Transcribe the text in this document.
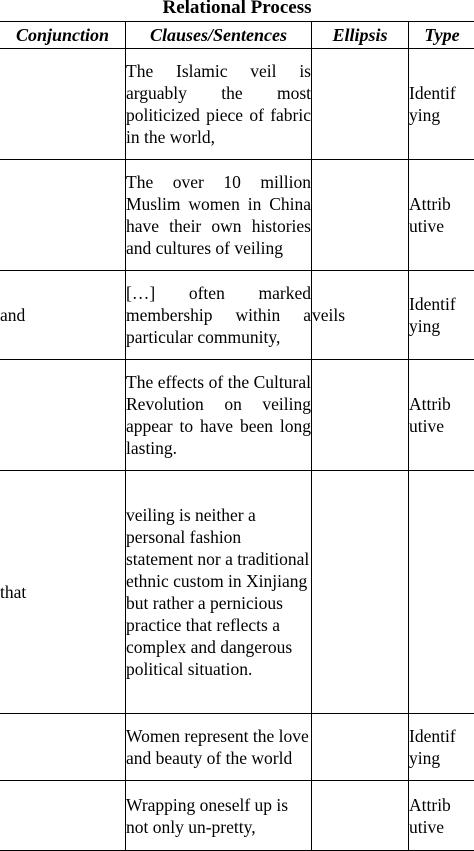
Relational Process
Conjunction	Clauses/Sentences	Ellipsis	Type
	The Islamic veil is arguably the most politicized piece of fabric in the world,		Identif
ying

	The over 10 million Muslim women in China have their own histories and cultures of veiling		Attrib
utive

and	[…] often marked membership within a particular community,	veils	Identif
ying

	The effects of the Cultural Revolution on veiling appear to have been long lasting.		Attrib
utive

that	veiling is neither a personal fashion statement nor a traditional ethnic custom in Xinjiang but rather a pernicious practice that reflects a complex and dangerous political situation.		

	Women represent the love and beauty of the world		Identif
ying

	Wrapping oneself up is not only un-pretty,		Attrib
utive
